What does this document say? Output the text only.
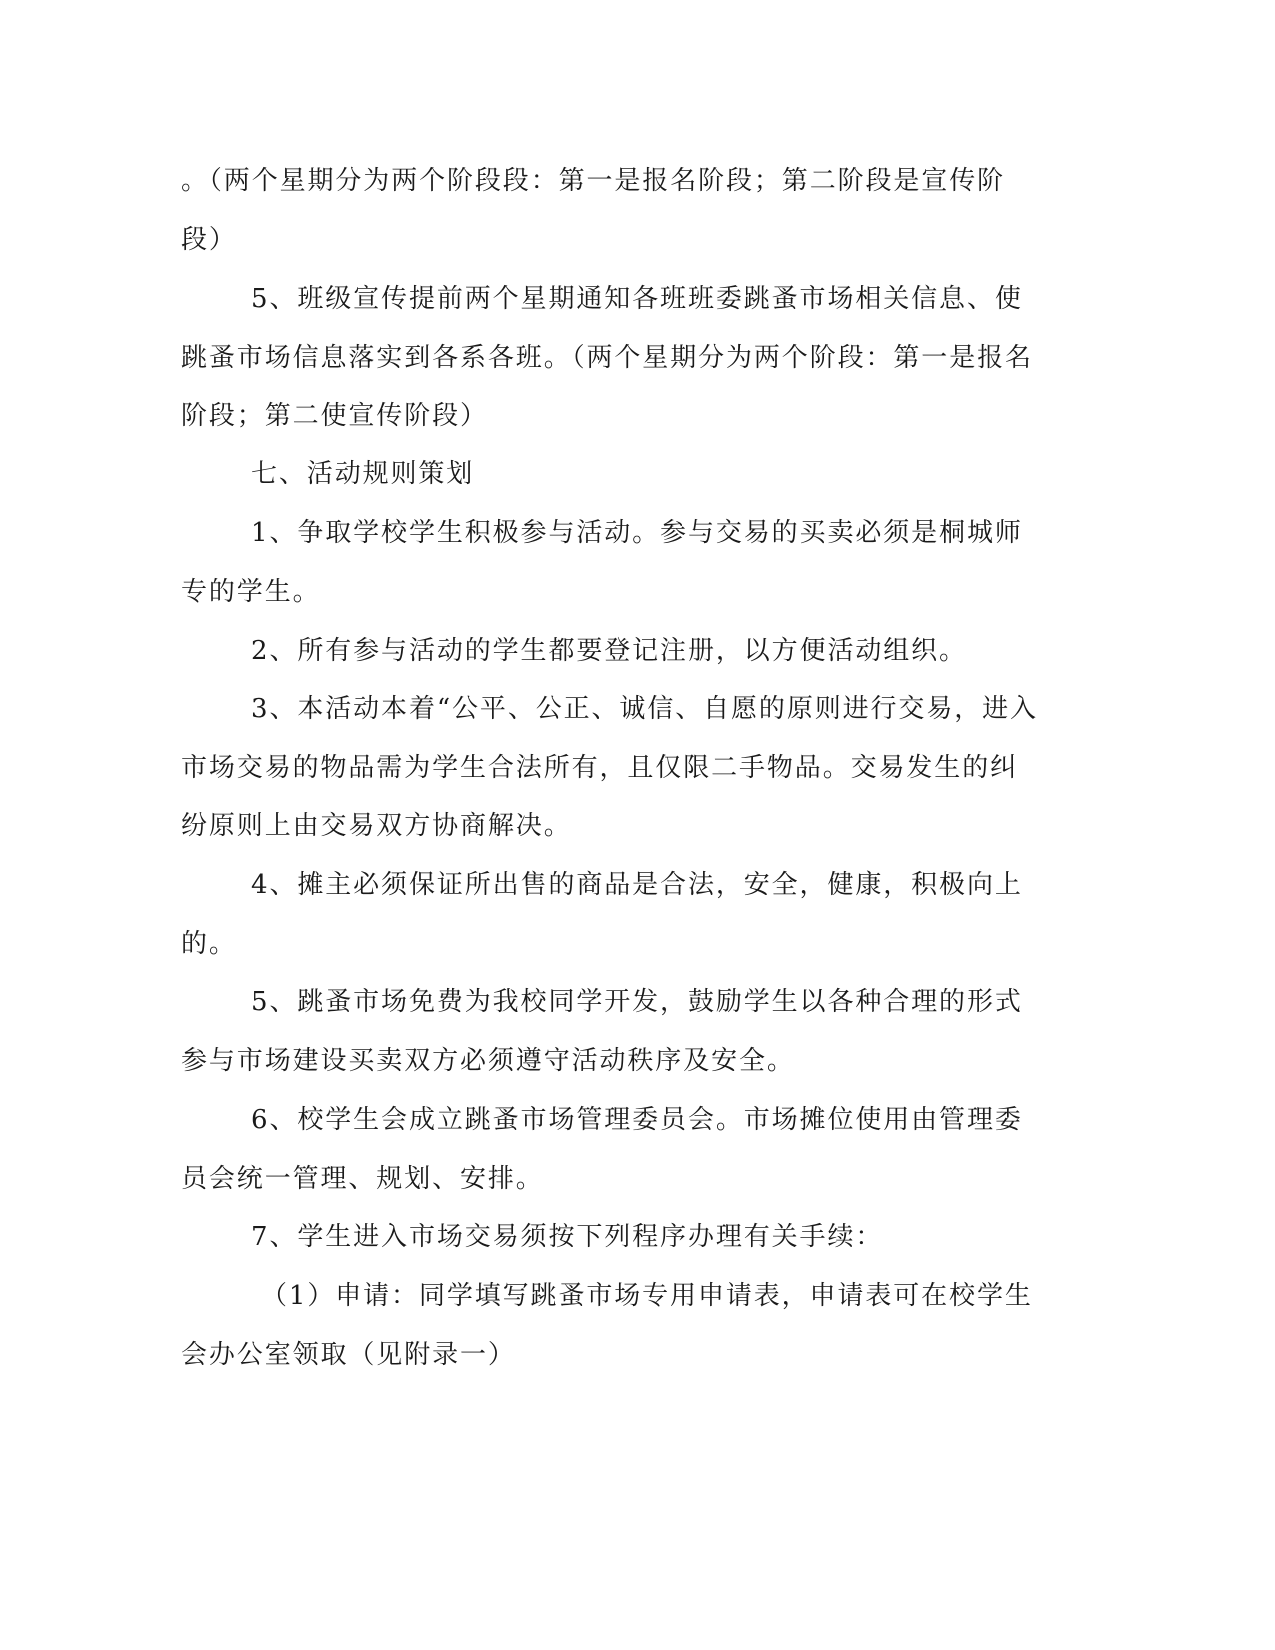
。（两个星期分为两个阶段段：第一是报名阶段；第二阶段是宣传阶段）

5、班级宣传提前两个星期通知各班班委跳蚤市场相关信息、使跳蚤市场信息落实到各系各班。（两个星期分为两个阶段：第一是报名阶段；第二使宣传阶段）

七、活动规则策划

1、争取学校学生积极参与活动。参与交易的买卖必须是桐城师专的学生。

2、所有参与活动的学生都要登记注册，以方便活动组织。

3、本活动本着“公平、公正、诚信、自愿的原则进行交易，进入市场交易的物品需为学生合法所有，且仅限二手物品。交易发生的纠纷原则上由交易双方协商解决。

4、摊主必须保证所出售的商品是合法，安全，健康，积极向上的。

5、跳蚤市场免费为我校同学开发，鼓励学生以各种合理的形式参与市场建设买卖双方必须遵守活动秩序及安全。

6、校学生会成立跳蚤市场管理委员会。市场摊位使用由管理委员会统一管理、规划、安排。

7、学生进入市场交易须按下列程序办理有关手续：

（1）申请：同学填写跳蚤市场专用申请表，申请表可在校学生会办公室领取（见附录一）
